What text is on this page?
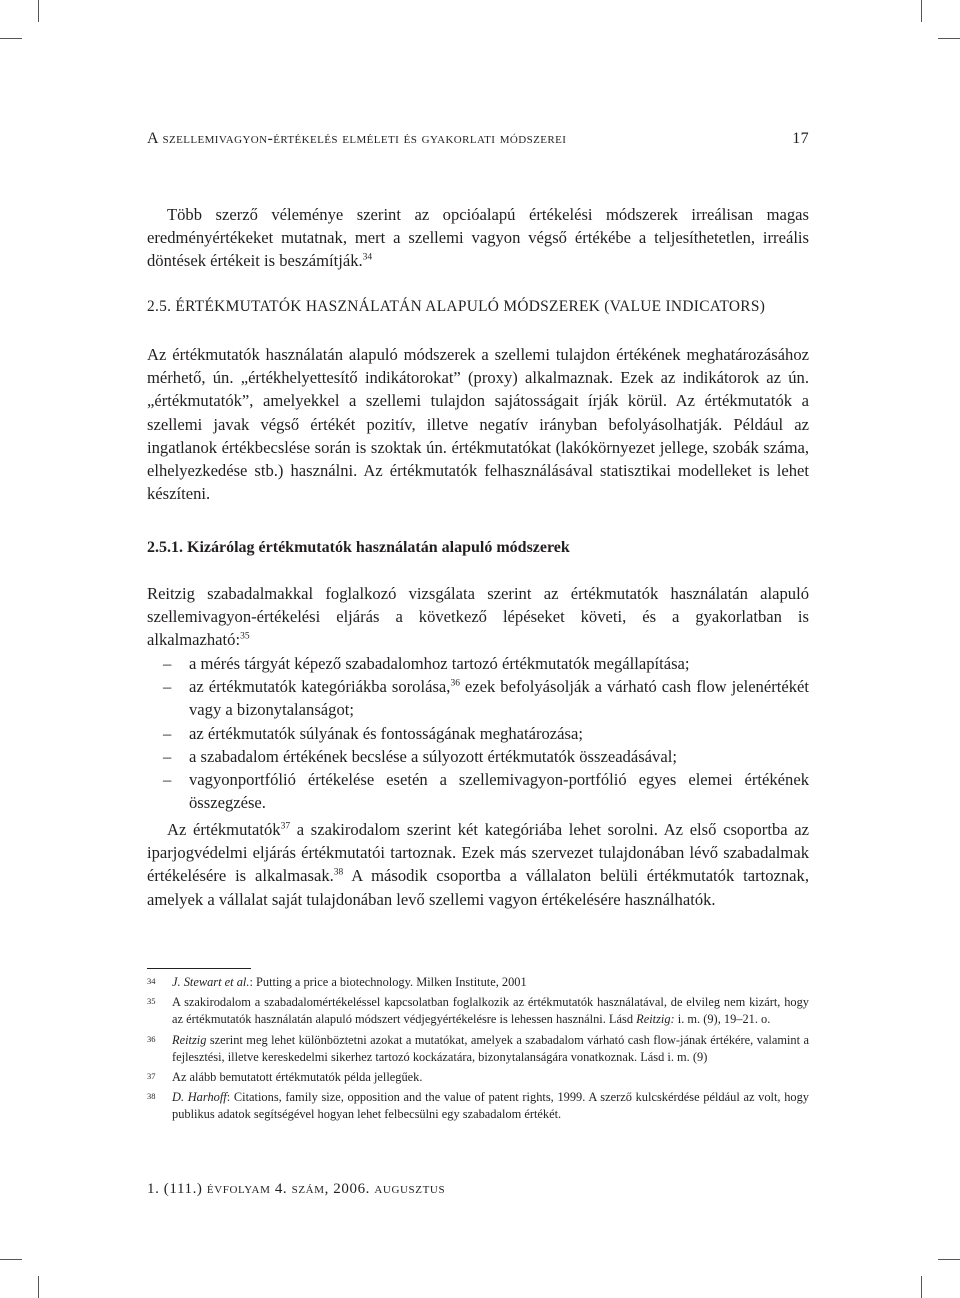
A szellemivagyon-értékelés elméleti és gyakorlati módszerei	17
Több szerző véleménye szerint az opcióalapú értékelési módszerek irreálisan magas eredményértékeket mutatnak, mert a szellemi vagyon végső értékébe a teljesíthetetlen, irreális döntések értékeit is beszámítják.$^{34}$
2.5. ÉRTÉKMUTATÓK HASZNÁLATÁN ALAPULÓ MÓDSZEREK (VALUE INDICATORS)
Az értékmutatók használatán alapuló módszerek a szellemi tulajdon értékének meghatározásához mérhető, ún. „értékhelyettesítő indikátorokat” (proxy) alkalmaznak. Ezek az indikátorok az ún. „értékmutatók”, amelyekkel a szellemi tulajdon sajátosságait írják körül. Az értékmutatók a szellemi javak végső értékét pozitív, illetve negatív irányban befolyásolhatják. Például az ingatlanok értékbecslése során is szoktak ún. értékmutatókat (lakókörnyezet jellege, szobák száma, elhelyezkedése stb.) használni. Az értékmutatók felhasználásával statisztikai modelleket is lehet készíteni.
2.5.1. Kizárólag értékmutatók használatán alapuló módszerek
Reitzig szabadalmakkal foglalkozó vizsgálata szerint az értékmutatók használatán alapuló szellemivagyon-értékelési eljárás a következő lépéseket követi, és a gyakorlatban is alkalmazható:$^{35}$
– a mérés tárgyát képező szabadalomhoz tartozó értékmutatók megállapítása;
– az értékmutatók kategóriákba sorolása,$^{36}$ ezek befolyásolják a várható cash flow jelenértékét vagy a bizonytalanságot;
– az értékmutatók súlyának és fontosságának meghatározása;
– a szabadalom értékének becslése a súlyozott értékmutatók összeadásával;
– vagyonportfólió értékelése esetén a szellemivagyon-portfólió egyes elemei értékének összegzése.
Az értékmutatók$^{37}$ a szakirodalom szerint két kategóriába lehet sorolni. Az első csoportba az iparjogvédelmi eljárás értékmutatói tartoznak. Ezek más szervezet tulajdonában lévő szabadalmak értékelésére is alkalmasak.$^{38}$ A második csoportba a vállalaton belüli értékmutatók tartoznak, amelyek a vállalat saját tulajdonában levő szellemi vagyon értékelésére használhatók.
34 J. Stewart et al.: Putting a price a biotechnology. Milken Institute, 2001
35 A szakirodalom a szabadalomértékeléssel kapcsolatban foglalkozik az értékmutatók használatával, de elvileg nem kizárt, hogy az értékmutatók használatán alapuló módszert védjegyértékelésre is lehessen használni. Lásd Reitzig: i. m. (9), 19–21. o.
36 Reitzig szerint meg lehet különböztetni azokat a mutatókat, amelyek a szabadalom várható cash flow-jának értékére, valamint a fejlesztési, illetve kereskedelmi sikerhez tartozó kockázatára, bizonytalanságára vonatkoznak. Lásd i. m. (9)
37 Az alább bemutatott értékmutatók példa jellegűek.
38 D. Harhoff: Citations, family size, opposition and the value of patent rights, 1999. A szerző kulcskérdése például az volt, hogy publikus adatok segítségével hogyan lehet felbecsülni egy szabadalom értékét.
1. (111.) évfolyam 4. szám, 2006. augusztus
